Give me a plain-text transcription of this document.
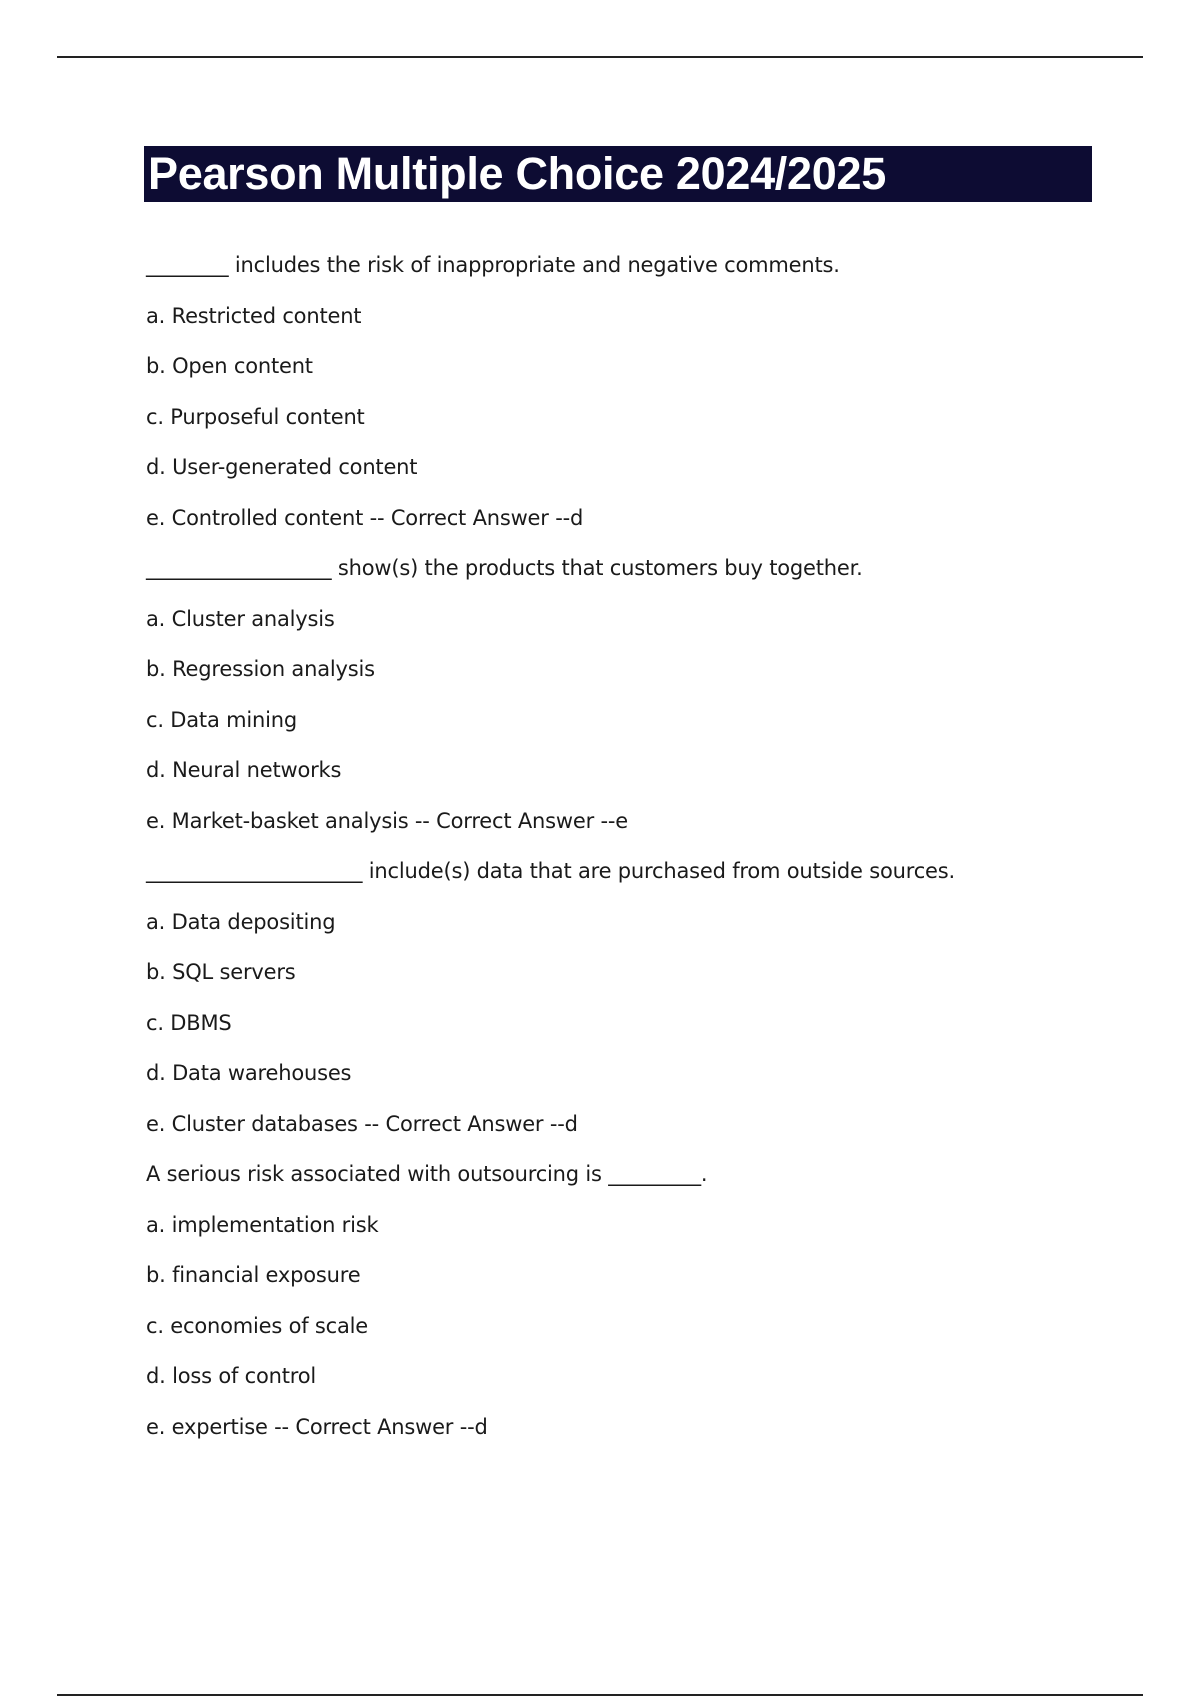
Pearson Multiple Choice 2024/2025
________ includes the risk of inappropriate and negative comments.
a. Restricted content
b. Open content
c. Purposeful content
d. User-generated content
e. Controlled content -- Correct Answer --d
__________________ show(s) the products that customers buy together.
a. Cluster analysis
b. Regression analysis
c. Data mining
d. Neural networks
e. Market-basket analysis -- Correct Answer --e
_____________________ include(s) data that are purchased from outside sources.
a. Data depositing
b. SQL servers
c. DBMS
d. Data warehouses
e. Cluster databases -- Correct Answer --d
A serious risk associated with outsourcing is _________.
a. implementation risk
b. financial exposure
c. economies of scale
d. loss of control
e. expertise -- Correct Answer --d
